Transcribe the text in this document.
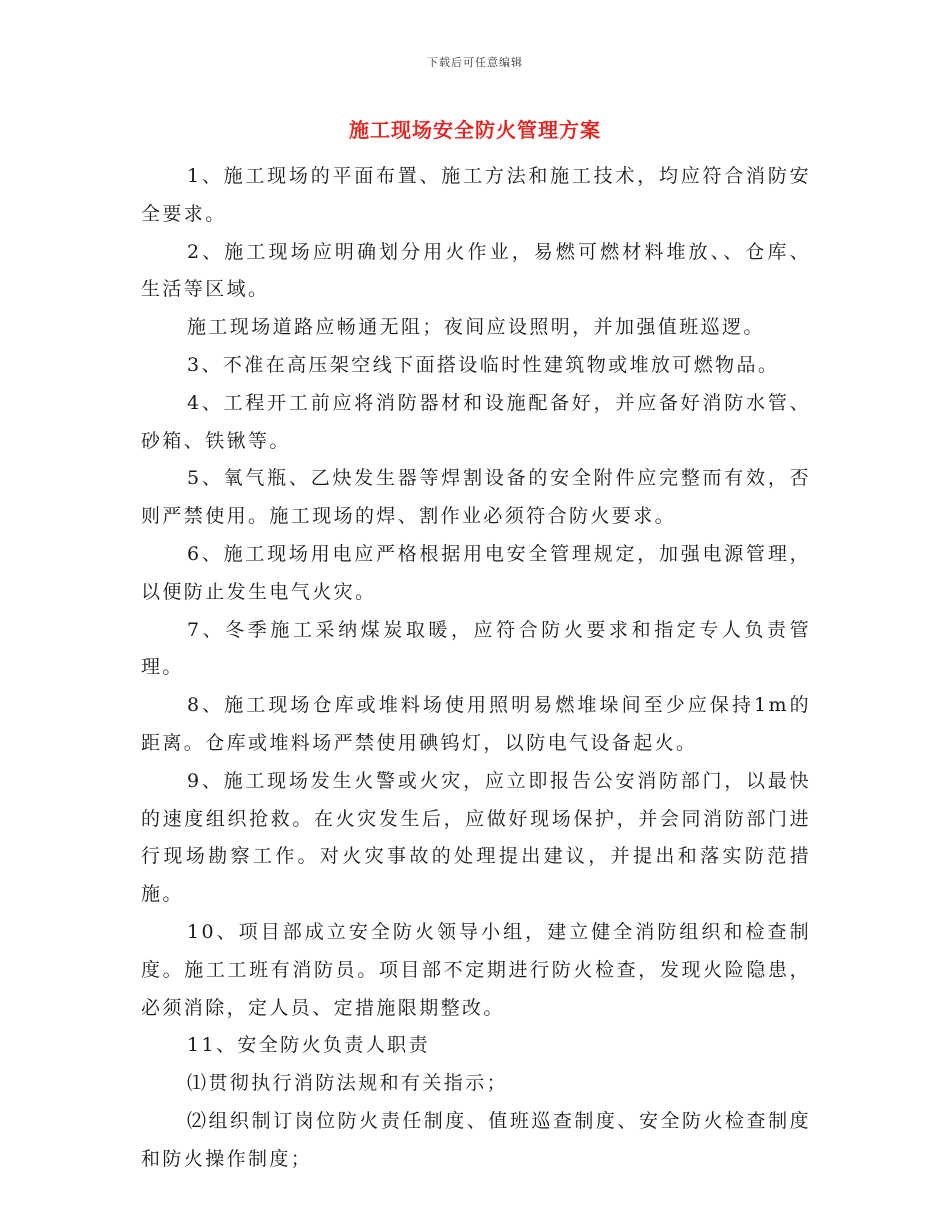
下载后可任意编辑
施工现场安全防火管理方案

1、施工现场的平面布置、施工方法和施工技术，均应符合消防安全要求。

2、施工现场应明确划分用火作业，易燃可燃材料堆放、、仓库、生活等区域。

施工现场道路应畅通无阻；夜间应设照明，并加强值班巡逻。

3、不准在高压架空线下面搭设临时性建筑物或堆放可燃物品。

4、工程开工前应将消防器材和设施配备好，并应备好消防水管、砂箱、铁锹等。

5、氧气瓶、乙炔发生器等焊割设备的安全附件应完整而有效，否则严禁使用。施工现场的焊、割作业必须符合防火要求。

6、施工现场用电应严格根据用电安全管理规定，加强电源管理，以便防止发生电气火灾。

7、冬季施工采纳煤炭取暖，应符合防火要求和指定专人负责管理。

8、施工现场仓库或堆料场使用照明易燃堆垛间至少应保持1m的距离。仓库或堆料场严禁使用碘钨灯，以防电气设备起火。

9、施工现场发生火警或火灾，应立即报告公安消防部门，以最快的速度组织抢救。在火灾发生后，应做好现场保护，并会同消防部门进行现场勘察工作。对火灾事故的处理提出建议，并提出和落实防范措施。

10、项目部成立安全防火领导小组，建立健全消防组织和检查制度。施工工班有消防员。项目部不定期进行防火检查，发现火险隐患，必须消除，定人员、定措施限期整改。

11、安全防火负责人职责

⑴贯彻执行消防法规和有关指示；

⑵组织制订岗位防火责任制度、值班巡查制度、安全防火检查制度和防火操作制度；
